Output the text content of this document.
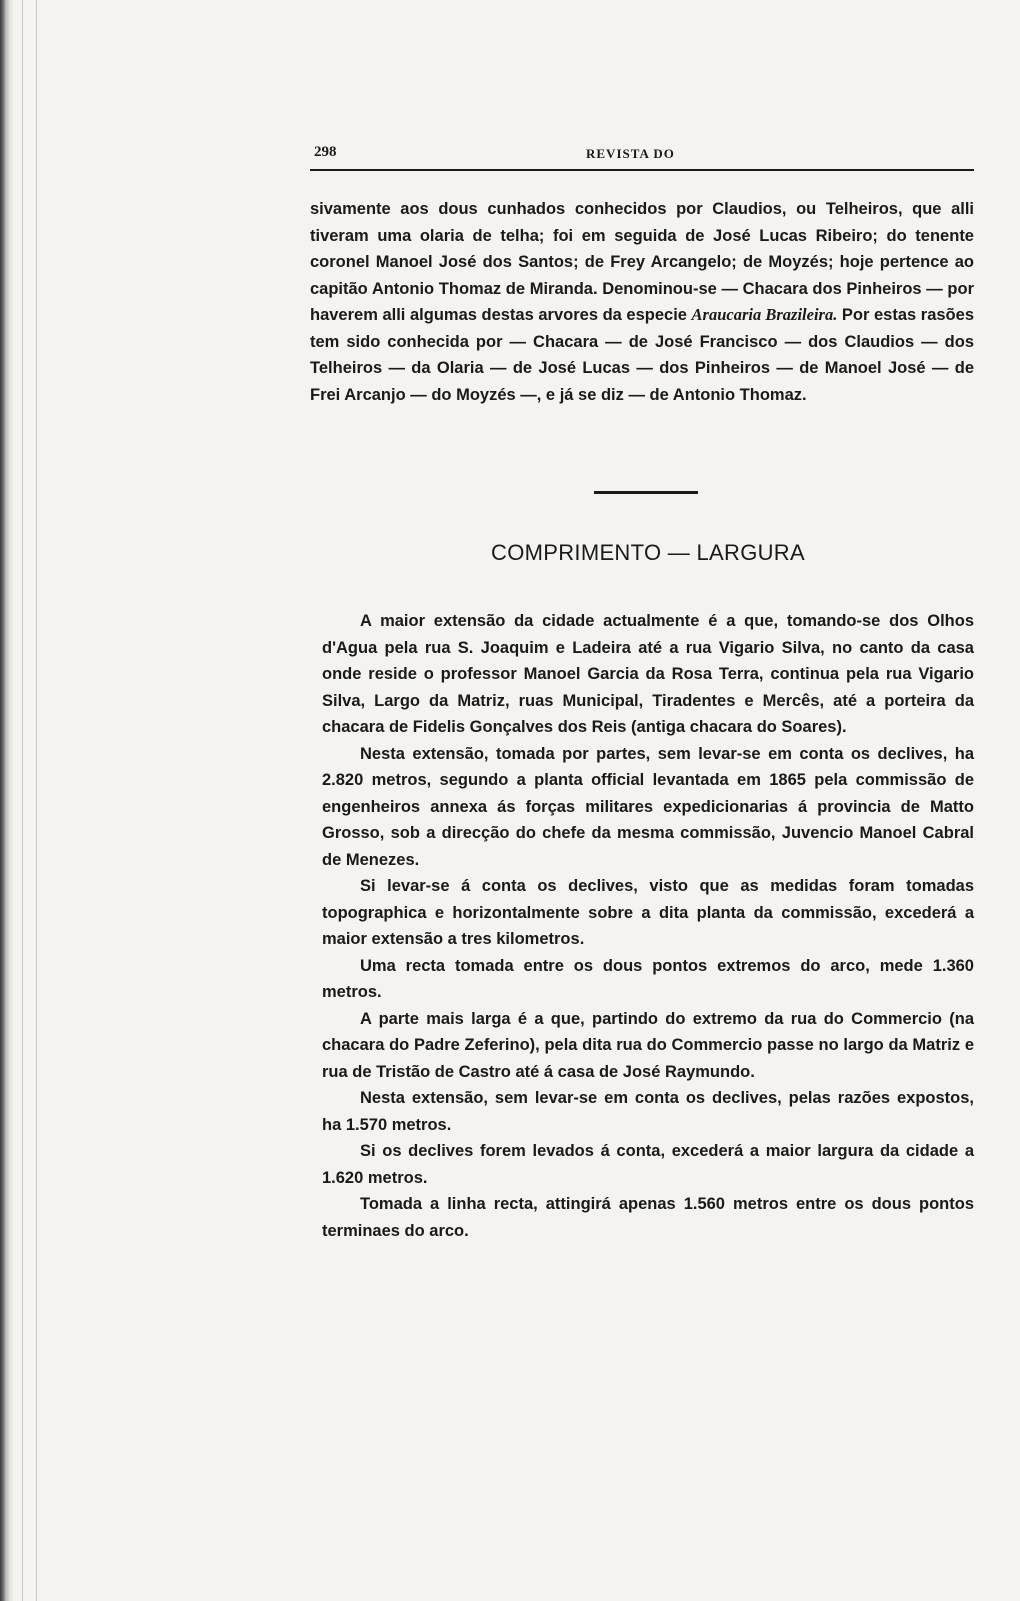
298	REVISTA DO

sivamente aos dous cunhados conhecidos por Claudios, ou Telheiros, que alli tiveram uma olaria de telha; foi em seguida de José Lucas Ribeiro; do tenente coronel Manoel José dos Santos; de Frey Arcangelo; de Moyzés; hoje pertence ao capitão Antonio Thomaz de Miranda. Denominou-se — Chacara dos Pinheiros — por haverem alli algumas destas arvores da especie Araucaria Brazileira. Por estas rasões tem sido conhecida por — Chacara — de José Francisco — dos Claudios — dos Telheiros — da Olaria — de José Lucas — dos Pinheiros — de Manoel José — de Frei Arcanjo — do Moyzés —, e já se diz — de Antonio Thomaz.

COMPRIMENTO — LARGURA

A maior extensão da cidade actualmente é a que, tomando-se dos Olhos d'Agua pela rua S. Joaquim e Ladeira até a rua Vigario Silva, no canto da casa onde reside o professor Manoel Garcia da Rosa Terra, continua pela rua Vigario Silva, Largo da Matriz, ruas Municipal, Tiradentes e Mercês, até a porteira da chacara de Fidelis Gonçalves dos Reis (antiga chacara do Soares).

Nesta extensão, tomada por partes, sem levar-se em conta os declives, ha 2.820 metros, segundo a planta official levantada em 1865 pela commissão de engenheiros annexa ás forças militares expedicionarias á provincia de Matto Grosso, sob a direcção do chefe da mesma commissão, Juvencio Manoel Cabral de Menezes.

Si levar-se á conta os declives, visto que as medidas foram tomadas topographica e horizontalmente sobre a dita planta da commissão, excederá a maior extensão a tres kilometros.

Uma recta tomada entre os dous pontos extremos do arco, mede 1.360 metros.

A parte mais larga é a que, partindo do extremo da rua do Commercio (na chacara do Padre Zeferino), pela dita rua do Commercio passe no largo da Matriz e rua de Tristão de Castro até á casa de José Raymundo.

Nesta extensão, sem levar-se em conta os declives, pelas razões expostos, ha 1.570 metros.

Si os declives forem levados á conta, excederá a maior largura da cidade a 1.620 metros.

Tomada a linha recta, attingirá apenas 1.560 metros entre os dous pontos terminaes do arco.
